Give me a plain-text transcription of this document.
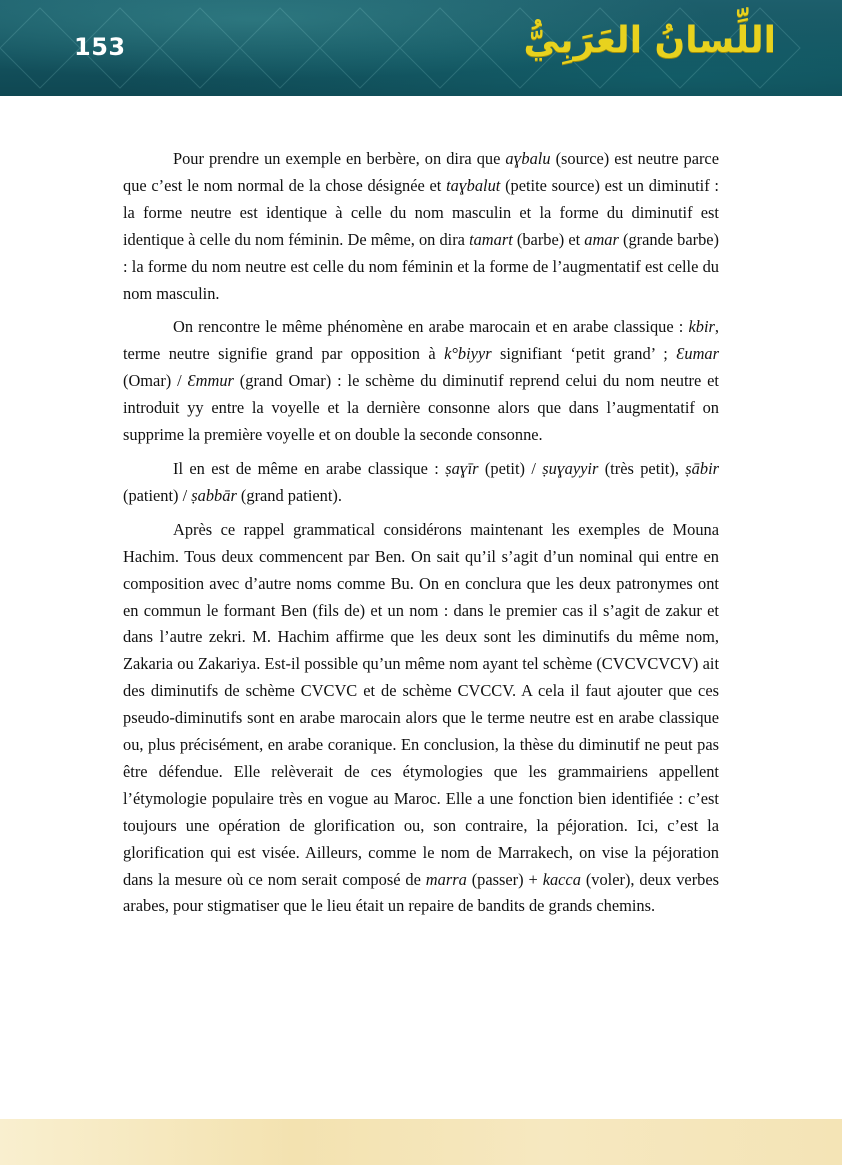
153	اللِّسانُ العَرَبِيُّ

Pour prendre un exemple en berbère, on dira que aɣbalu (source) est neutre parce que c’est le nom normal de la chose désignée et taɣbalut (petite source) est un diminutif : la forme neutre est identique à celle du nom masculin et la forme du diminutif est identique à celle du nom féminin. De même, on dira tamart (barbe) et amar (grande barbe) : la forme du nom neutre est celle du nom féminin et la forme de l’augmentatif est celle du nom masculin.

On rencontre le même phénomène en arabe marocain et en arabe classique : kbir, terme neutre signifie grand par opposition à k°biyyr signifiant ‘petit grand’ ; Ɛumar (Omar) / Ɛmmur (grand Omar) : le schème du diminutif reprend celui du nom neutre et introduit yy entre la voyelle et la dernière consonne alors que dans l’augmentatif on supprime la première voyelle et on double la seconde consonne.

Il en est de même en arabe classique : ṣaɣīr (petit) / ṣuɣayyir (très petit), ṣābir (patient) / ṣabbār (grand patient).

Après ce rappel grammatical considérons maintenant les exemples de Mouna Hachim. Tous deux commencent par Ben. On sait qu’il s’agit d’un nominal qui entre en composition avec d’autre noms comme Bu. On en conclura que les deux patronymes ont en commun le formant Ben (fils de) et un nom : dans le premier cas il s’agit de zakur et dans l’autre zekri. M. Hachim affirme que les deux sont les diminutifs du même nom, Zakaria ou Zakariya. Est-il possible qu’un même nom ayant tel schème (CVCVCVCV) ait des diminutifs de schème CVCVC et de schème CVCCV. A cela il faut ajouter que ces pseudo-diminutifs sont en arabe marocain alors que le terme neutre est en arabe classique ou, plus précisément, en arabe coranique. En conclusion, la thèse du diminutif ne peut pas être défendue. Elle relèverait de ces étymologies que les grammairiens appellent l’étymologie populaire très en vogue au Maroc. Elle a une fonction bien identifiée : c’est toujours une opération de glorification ou, son contraire, la péjoration. Ici, c’est la glorification qui est visée. Ailleurs, comme le nom de Marrakech, on vise la péjoration dans la mesure où ce nom serait composé de marra (passer) + kacca (voler), deux verbes arabes, pour stigmatiser que le lieu était un repaire de bandits de grands chemins.
